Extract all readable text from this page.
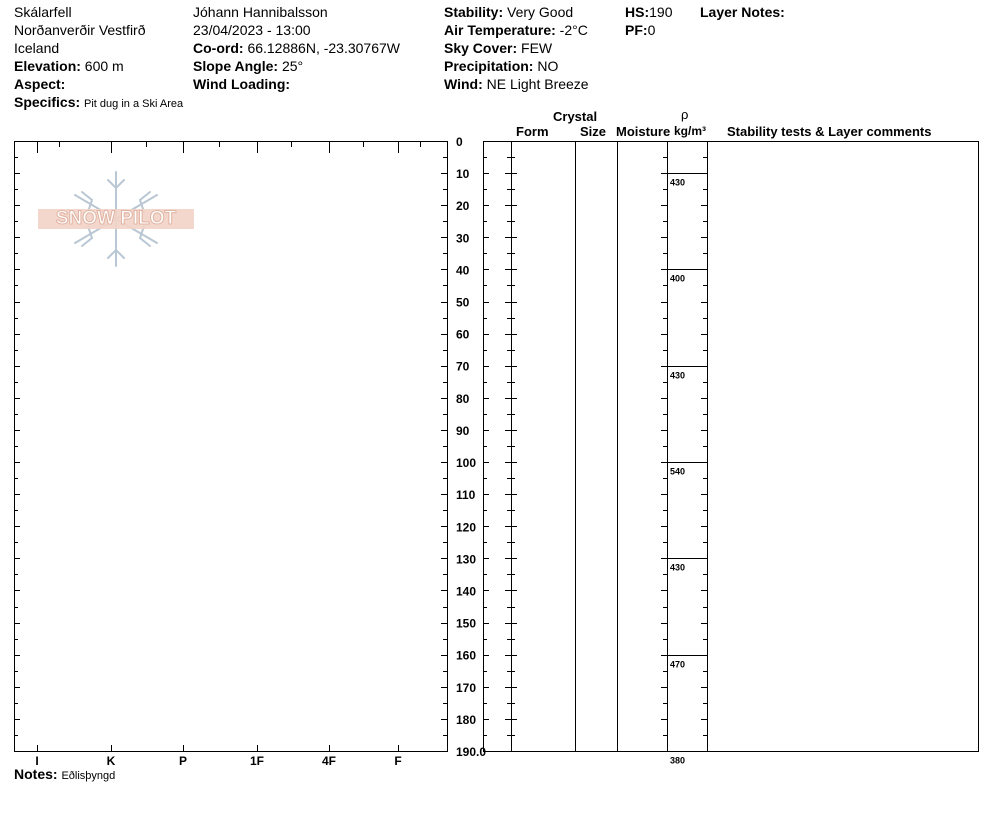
Skálarfell
Norðanverðir Vestfirð
Iceland
Elevation: 600 m
Aspect:
Specifics: Pit dug in a Ski Area
Jóhann Hannibalsson
23/04/2023 - 13:00
Co-ord: 66.12886N, -23.30767W
Slope Angle: 25°
Wind Loading:
Stability: Very Good
Air Temperature: -2°C
Sky Cover: FEW
Precipitation: NO
Wind: NE Light Breeze
HS:190
PF:0
Layer Notes:
Crystal
Form Size Moisture
ρ
kg/m³ Stability tests & Layer comments
SNOW PILOT
0
10
20
30
40
50
60
70
80
90
100
110
120
130
140
150
160
170
180
190.0
I	K	P	1F	4F	F
430
400
430
540
430
470
380
Notes: Eðlisþyngd
